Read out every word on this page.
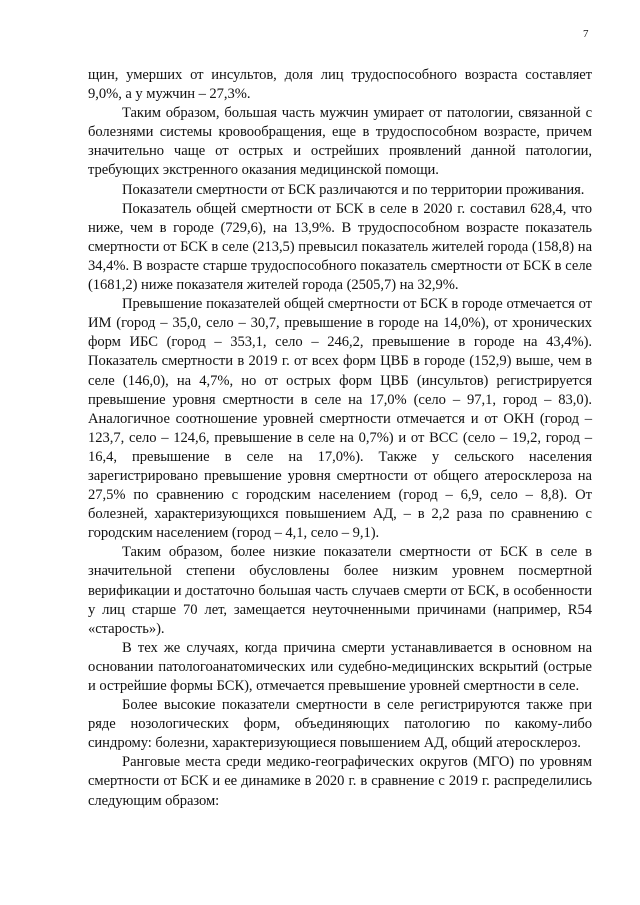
7

щин, умерших от инсультов, доля лиц трудоспособного возраста составляет 9,0%, а у мужчин – 27,3%.

Таким образом, большая часть мужчин умирает от патологии, связанной с болезнями системы кровообращения, еще в трудоспособном возрасте, причем значительно чаще от острых и острейших проявлений данной патологии, требующих экстренного оказания медицинской помощи.

Показатели смертности от БСК различаются и по территории проживания.

Показатель общей смертности от БСК в селе в 2020 г. составил 628,4, что ниже, чем в городе (729,6), на 13,9%. В трудоспособном возрасте показатель смертности от БСК в селе (213,5) превысил показатель жителей города (158,8) на 34,4%. В возрасте старше трудоспособного показатель смертности от БСК в селе (1681,2) ниже показателя жителей города (2505,7) на 32,9%.

Превышение показателей общей смертности от БСК в городе отмечается от ИМ (город – 35,0, село – 30,7, превышение в городе на 14,0%), от хронических форм ИБС (город – 353,1, село – 246,2, превышение в городе на 43,4%). Показатель смертности в 2019 г. от всех форм ЦВБ в городе (152,9) выше, чем в селе (146,0), на 4,7%, но от острых форм ЦВБ (инсультов) регистрируется превышение уровня смертности в селе на 17,0% (село – 97,1, город – 83,0). Аналогичное соотношение уровней смертности отмечается и от ОКН (город – 123,7, село – 124,6, превышение в селе на 0,7%) и от ВСС (село – 19,2, город – 16,4, превышение в селе на 17,0%). Также у сельского населения зарегистрировано превышение уровня смертности от общего атеросклероза на 27,5% по сравнению с городским населением (город – 6,9, село – 8,8). От болезней, характеризующихся повышением АД, – в 2,2 раза по сравнению с городским населением (город – 4,1, село – 9,1).

Таким образом, более низкие показатели смертности от БСК в селе в значительной степени обусловлены более низким уровнем посмертной верификации и достаточно большая часть случаев смерти от БСК, в особенности у лиц старше 70 лет, замещается неуточненными причинами (например, R54 «старость»).

В тех же случаях, когда причина смерти устанавливается в основном на основании патологоанатомических или судебно-медицинских вскрытий (острые и острейшие формы БСК), отмечается превышение уровней смертности в селе.

Более высокие показатели смертности в селе регистрируются также при ряде нозологических форм, объединяющих патологию по какому-либо синдрому: болезни, характеризующиеся повышением АД, общий атеросклероз.

Ранговые места среди медико-географических округов (МГО) по уровням смертности от БСК и ее динамике в 2020 г. в сравнение с 2019 г. распределились следующим образом:
